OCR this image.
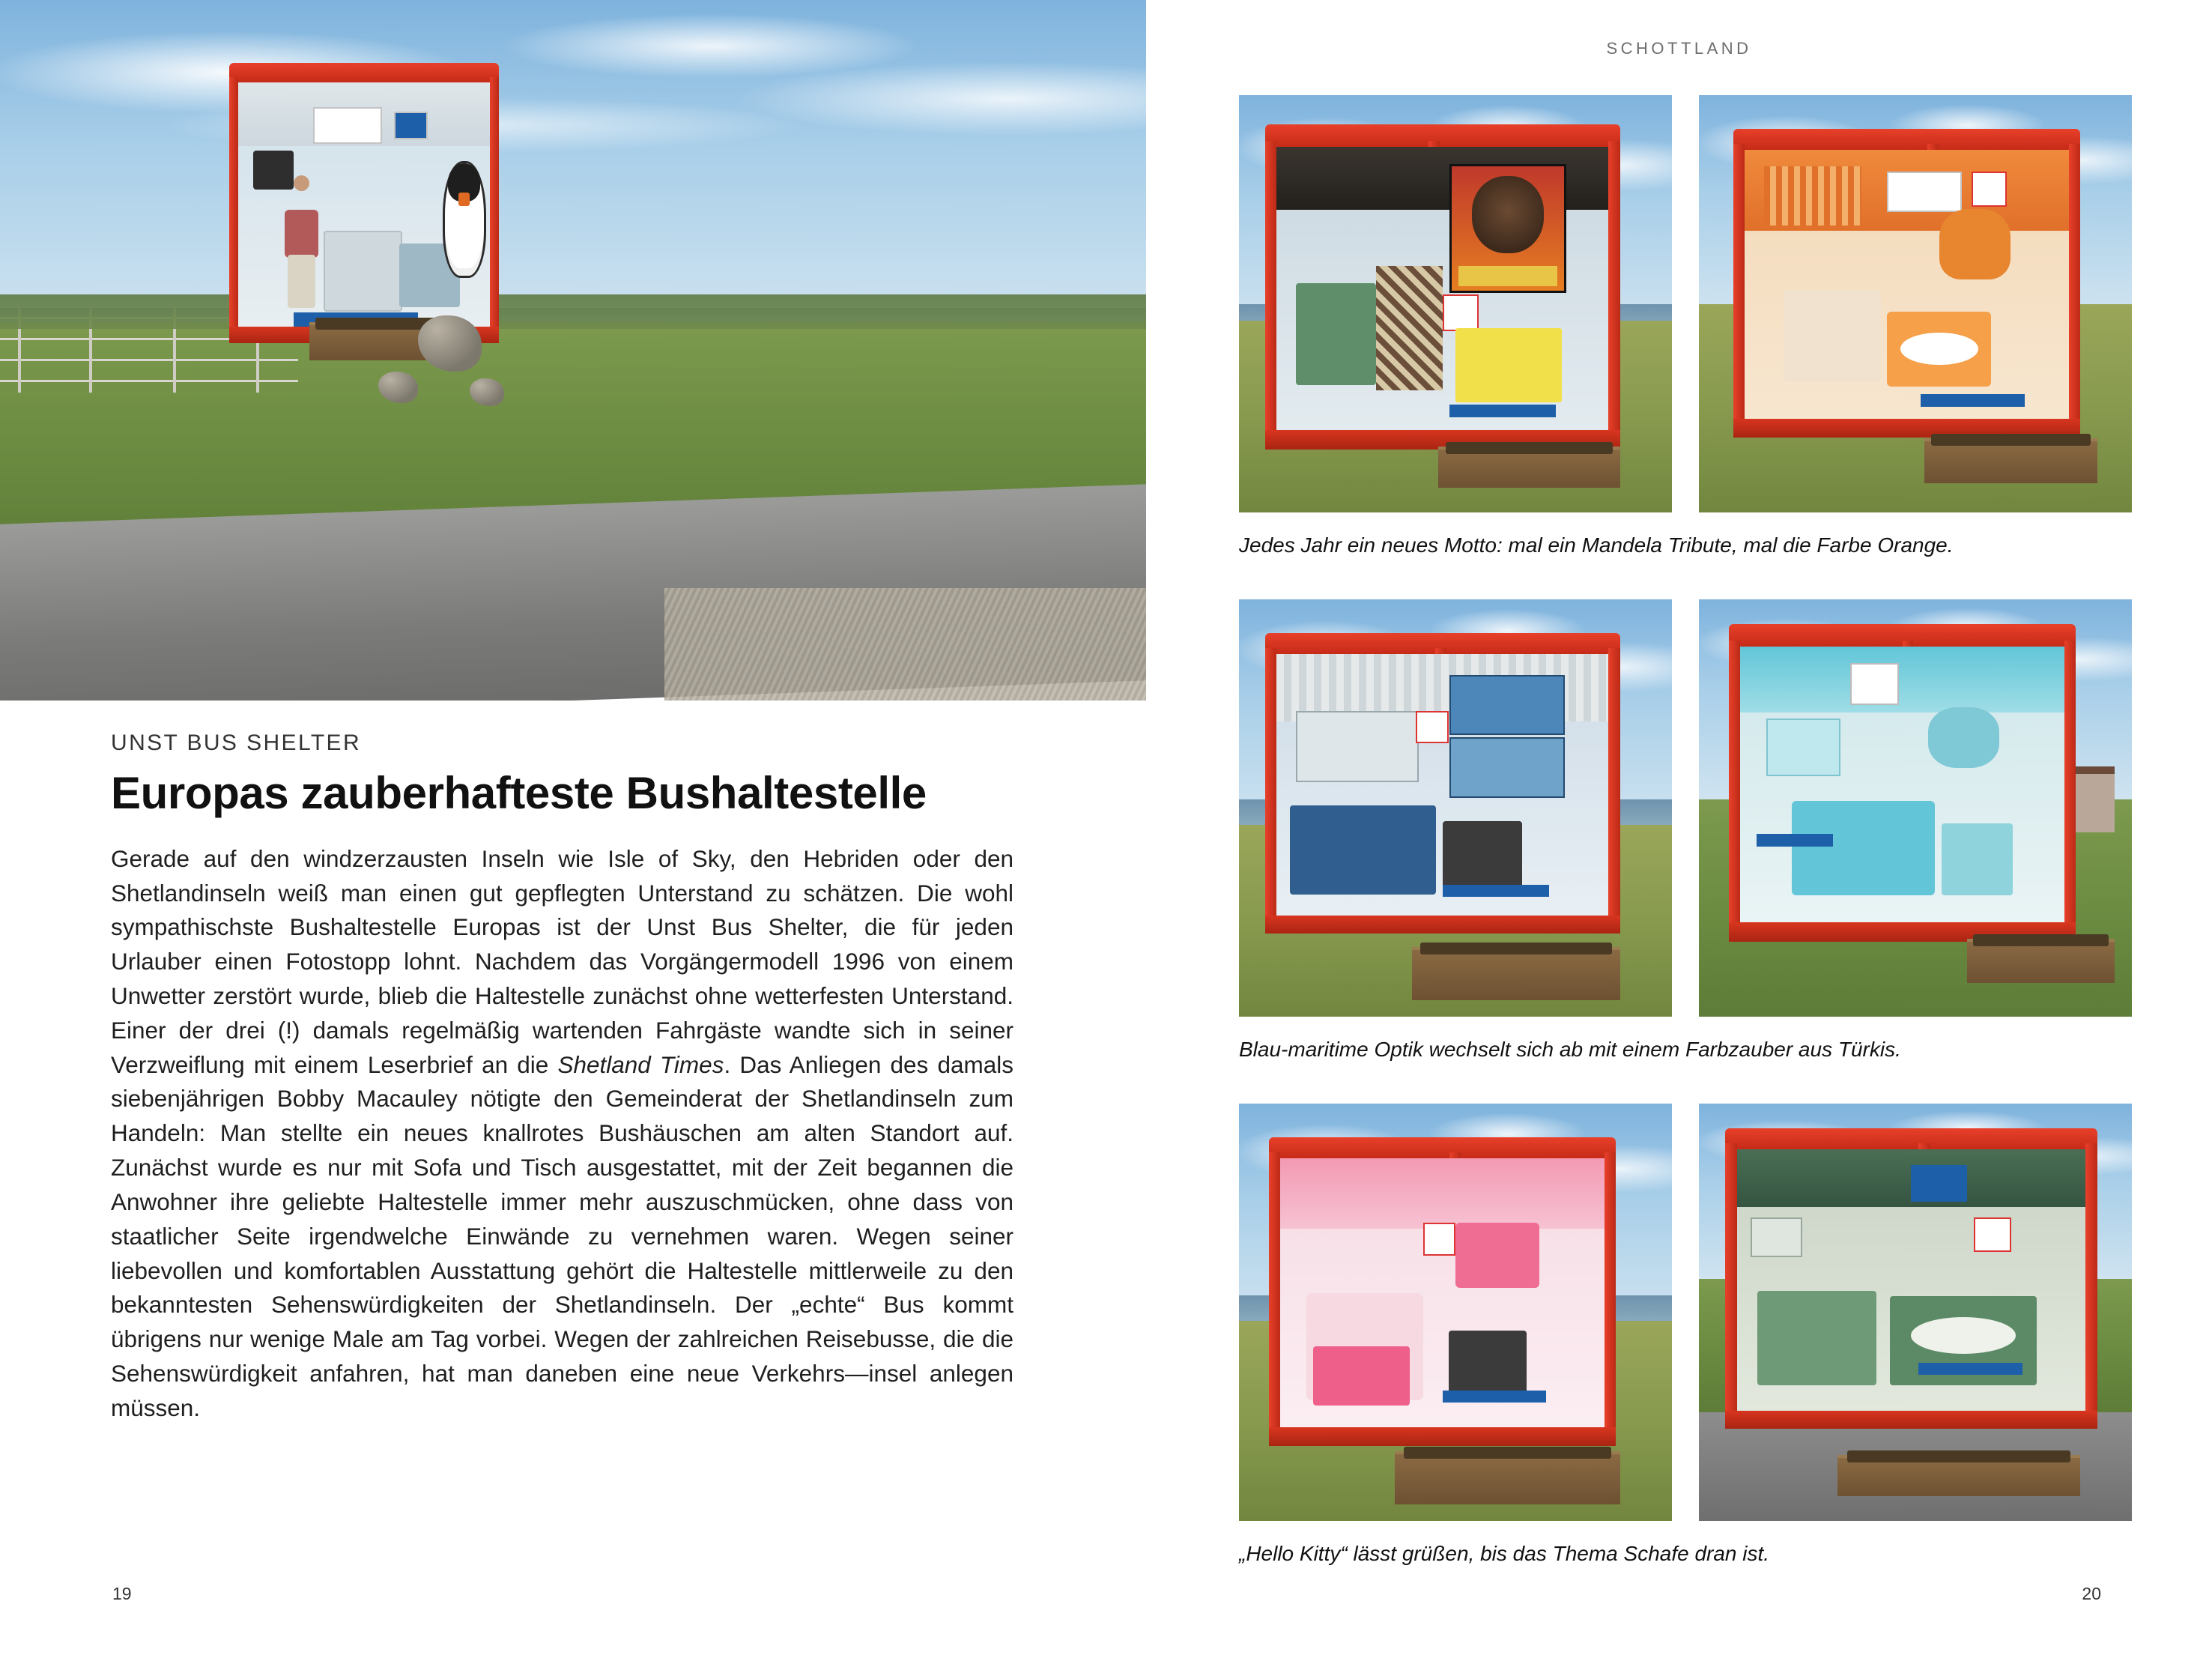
UNST BUS SHELTER
Europas zauberhafteste Bushaltestelle

Gerade auf den windzerzausten Inseln wie Isle of Sky, den Hebriden oder den Shetlandinseln weiß man einen gut gepflegten Unterstand zu schätzen. Die wohl sympathischste Bushaltestelle Europas ist der Unst Bus Shelter, die für jeden Urlauber einen Fotostopp lohnt. Nachdem das Vorgängermodell 1996 von einem Unwetter zerstört wurde, blieb die Haltestelle zunächst ohne wetterfesten Unterstand. Einer der drei (!) damals regelmäßig wartenden Fahrgäste wandte sich in seiner Verzweiflung mit einem Leserbrief an die Shetland Times. Das Anliegen des damals siebenjährigen Bobby Macauley nötigte den Gemeinderat der Shetlandinseln zum Handeln: Man stellte ein neues knallrotes Bushäuschen am alten Standort auf. Zunächst wurde es nur mit Sofa und Tisch ausgestattet, mit der Zeit begannen die Anwohner ihre geliebte Haltestelle immer mehr auszuschmücken, ohne dass von staatlicher Seite irgendwelche Einwände zu vernehmen waren. Wegen seiner liebevollen und komfortablen Ausstattung gehört die Haltestelle mittlerweile zu den bekanntesten Sehenswürdigkeiten der Shetlandinseln. Der „echte“ Bus kommt übrigens nur wenige Male am Tag vorbei. Wegen der zahlreichen Reisebusse, die die Sehenswürdigkeit anfahren, hat man daneben eine neue Verkehrs—insel anlegen müssen.

19
SCHOTTLAND
Jedes Jahr ein neues Motto: mal ein Mandela Tribute, mal die Farbe Orange.
Blau-maritime Optik wechselt sich ab mit einem Farbzauber aus Türkis.
„Hello Kitty“ lässt grüßen, bis das Thema Schafe dran ist.
20
